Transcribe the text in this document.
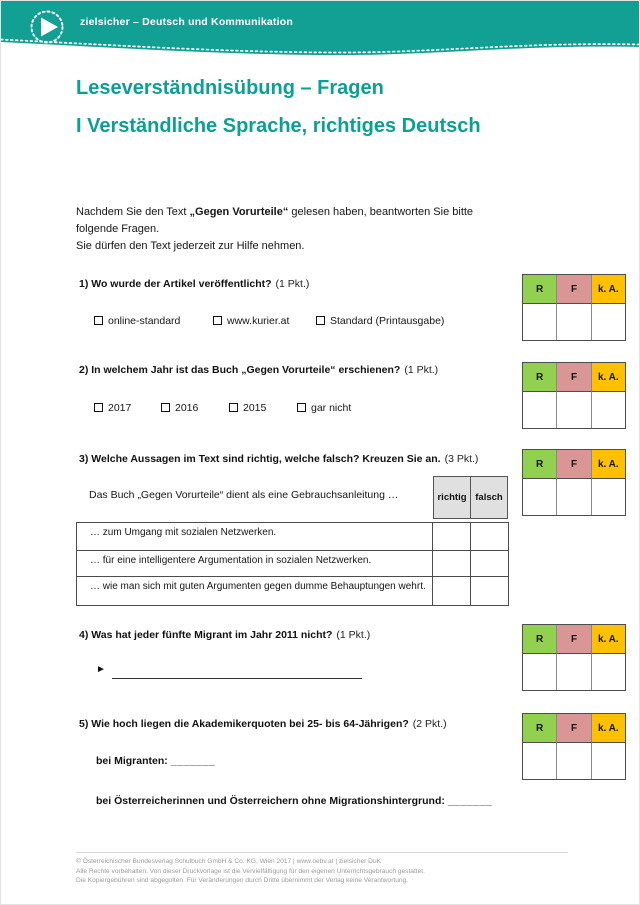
zielsicher – Deutsch und Kommunikation
Leseverständnisübung – Fragen
I Verständliche Sprache, richtiges Deutsch
Nachdem Sie den Text „Gegen Vorurteile“ gelesen haben, beantworten Sie bitte
folgende Fragen.
Sie dürfen den Text jederzeit zur Hilfe nehmen.
1) Wo wurde der Artikel veröffentlicht? (1 Pkt.)
online-standard	www.kurier.at	Standard (Printausgabe)
R	F	k. A.
2) In welchem Jahr ist das Buch „Gegen Vorurteile“ erschienen? (1 Pkt.)
2017	2016	2015	gar nicht
R	F	k. A.
3) Welche Aussagen im Text sind richtig, welche falsch? Kreuzen Sie an. (3 Pkt.)
Das Buch „Gegen Vorurteile“ dient als eine Gebrauchsanleitung …	richtig falsch
… zum Umgang mit sozialen Netzwerken.
… für eine intelligentere Argumentation in sozialen Netzwerken.
… wie man sich mit guten Argumenten gegen dumme Behauptungen wehrt.
R	F	k. A.
4) Was hat jeder fünfte Migrant im Jahr 2011 nicht? (1 Pkt.)
►
R	F	k. A.
5) Wie hoch liegen die Akademikerquoten bei 25- bis 64-Jährigen? (2 Pkt.)
bei Migranten: _______
bei Österreicherinnen und Österreichern ohne Migrationshintergrund: _______
R	F	k. A.
© Österreichischer Bundesverlag Schulbuch GmbH & Co. KG, Wien 2017 | www.oebv.at | zielsicher DuK
Alle Rechte vorbehalten. Von dieser Druckvorlage ist die Vervielfältigung für den eigenen Unterrichtsgebrauch gestattet.
Die Kopiergebühren sind abgegolten. Für Veränderungen durch Dritte übernimmt der Verlag keine Verantwortung.
